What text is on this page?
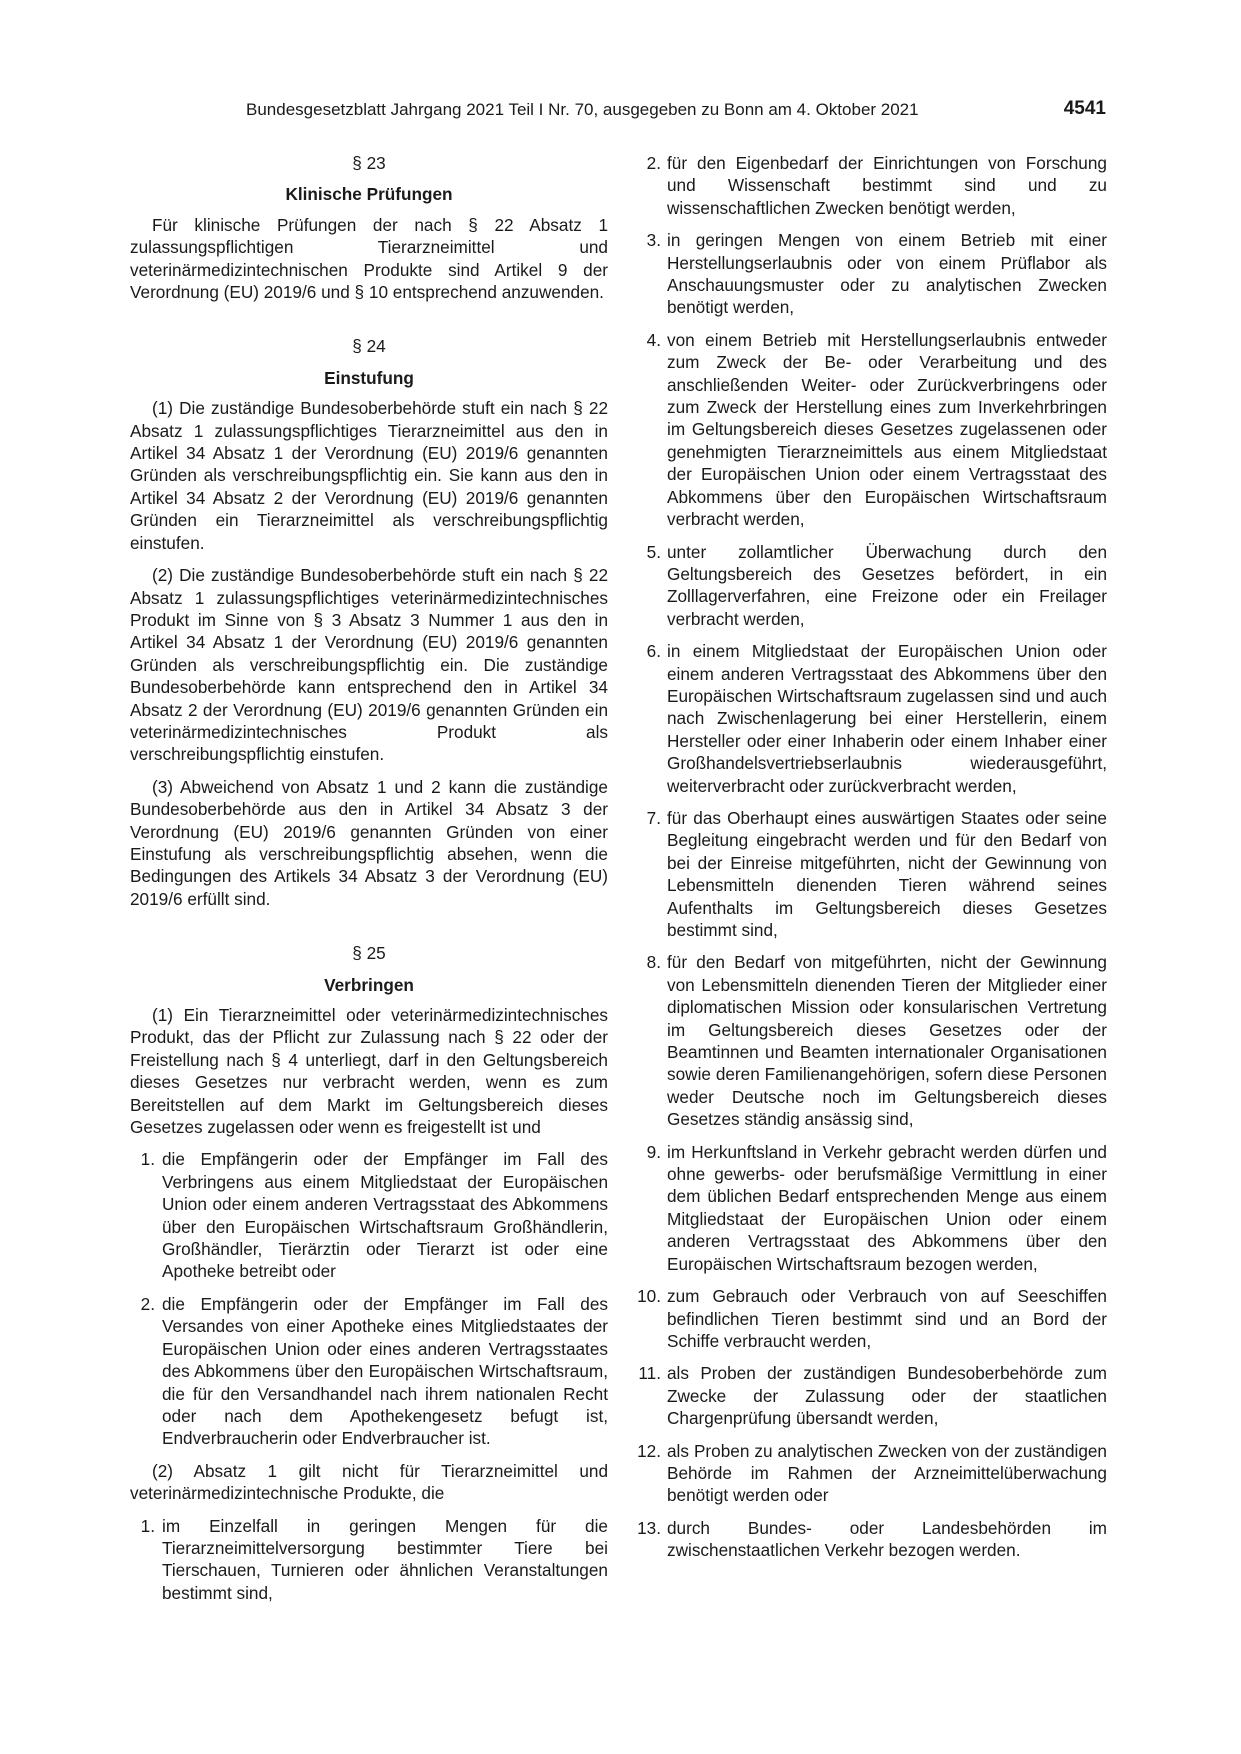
Bundesgesetzblatt Jahrgang 2021 Teil I Nr. 70, ausgegeben zu Bonn am 4. Oktober 2021	4541
§ 23
Klinische Prüfungen

Für klinische Prüfungen der nach § 22 Absatz 1 zulassungspflichtigen Tierarzneimittel und veterinärmedizintechnischen Produkte sind Artikel 9 der Verordnung (EU) 2019/6 und § 10 entsprechend anzuwenden.

§ 24
Einstufung

(1) Die zuständige Bundesoberbehörde stuft ein nach § 22 Absatz 1 zulassungspflichtiges Tierarzneimittel aus den in Artikel 34 Absatz 1 der Verordnung (EU) 2019/6 genannten Gründen als verschreibungspflichtig ein. Sie kann aus den in Artikel 34 Absatz 2 der Verordnung (EU) 2019/6 genannten Gründen ein Tierarzneimittel als verschreibungspflichtig einstufen.

(2) Die zuständige Bundesoberbehörde stuft ein nach § 22 Absatz 1 zulassungspflichtiges veterinärmedizintechnisches Produkt im Sinne von § 3 Absatz 3 Nummer 1 aus den in Artikel 34 Absatz 1 der Verordnung (EU) 2019/6 genannten Gründen als verschreibungspflichtig ein. Die zuständige Bundesoberbehörde kann entsprechend den in Artikel 34 Absatz 2 der Verordnung (EU) 2019/6 genannten Gründen ein veterinärmedizintechnisches Produkt als verschreibungspflichtig einstufen.

(3) Abweichend von Absatz 1 und 2 kann die zuständige Bundesoberbehörde aus den in Artikel 34 Absatz 3 der Verordnung (EU) 2019/6 genannten Gründen von einer Einstufung als verschreibungspflichtig absehen, wenn die Bedingungen des Artikels 34 Absatz 3 der Verordnung (EU) 2019/6 erfüllt sind.

§ 25
Verbringen

(1) Ein Tierarzneimittel oder veterinärmedizintechnisches Produkt, das der Pflicht zur Zulassung nach § 22 oder der Freistellung nach § 4 unterliegt, darf in den Geltungsbereich dieses Gesetzes nur verbracht werden, wenn es zum Bereitstellen auf dem Markt im Geltungsbereich dieses Gesetzes zugelassen oder wenn es freigestellt ist und

1. die Empfängerin oder der Empfänger im Fall des Verbringens aus einem Mitgliedstaat der Europäischen Union oder einem anderen Vertragsstaat des Abkommens über den Europäischen Wirtschaftsraum Großhändlerin, Großhändler, Tierärztin oder Tierarzt ist oder eine Apotheke betreibt oder
2. die Empfängerin oder der Empfänger im Fall des Versandes von einer Apotheke eines Mitgliedstaates der Europäischen Union oder eines anderen Vertragsstaates des Abkommens über den Europäischen Wirtschaftsraum, die für den Versandhandel nach ihrem nationalen Recht oder nach dem Apothekengesetz befugt ist, Endverbraucherin oder Endverbraucher ist.

(2) Absatz 1 gilt nicht für Tierarzneimittel und veterinärmedizintechnische Produkte, die

1. im Einzelfall in geringen Mengen für die Tierarzneimittelversorgung bestimmter Tiere bei Tierschauen, Turnieren oder ähnlichen Veranstaltungen bestimmt sind,
2. für den Eigenbedarf der Einrichtungen von Forschung und Wissenschaft bestimmt sind und zu wissenschaftlichen Zwecken benötigt werden,
3. in geringen Mengen von einem Betrieb mit einer Herstellungserlaubnis oder von einem Prüflabor als Anschauungsmuster oder zu analytischen Zwecken benötigt werden,
4. von einem Betrieb mit Herstellungserlaubnis entweder zum Zweck der Be- oder Verarbeitung und des anschließenden Weiter- oder Zurückverbringens oder zum Zweck der Herstellung eines zum Inverkehrbringen im Geltungsbereich dieses Gesetzes zugelassenen oder genehmigten Tierarzneimittels aus einem Mitgliedstaat der Europäischen Union oder einem Vertragsstaat des Abkommens über den Europäischen Wirtschaftsraum verbracht werden,
5. unter zollamtlicher Überwachung durch den Geltungsbereich des Gesetzes befördert, in ein Zolllagerverfahren, eine Freizone oder ein Freilager verbracht werden,
6. in einem Mitgliedstaat der Europäischen Union oder einem anderen Vertragsstaat des Abkommens über den Europäischen Wirtschaftsraum zugelassen sind und auch nach Zwischenlagerung bei einer Herstellerin, einem Hersteller oder einer Inhaberin oder einem Inhaber einer Großhandelsvertriebserlaubnis wiederausgeführt, weiterverbracht oder zurückverbracht werden,
7. für das Oberhaupt eines auswärtigen Staates oder seine Begleitung eingebracht werden und für den Bedarf von bei der Einreise mitgeführten, nicht der Gewinnung von Lebensmitteln dienenden Tieren während seines Aufenthalts im Geltungsbereich dieses Gesetzes bestimmt sind,
8. für den Bedarf von mitgeführten, nicht der Gewinnung von Lebensmitteln dienenden Tieren der Mitglieder einer diplomatischen Mission oder konsularischen Vertretung im Geltungsbereich dieses Gesetzes oder der Beamtinnen und Beamten internationaler Organisationen sowie deren Familienangehörigen, sofern diese Personen weder Deutsche noch im Geltungsbereich dieses Gesetzes ständig ansässig sind,
9. im Herkunftsland in Verkehr gebracht werden dürfen und ohne gewerbs- oder berufsmäßige Vermittlung in einer dem üblichen Bedarf entsprechenden Menge aus einem Mitgliedstaat der Europäischen Union oder einem anderen Vertragsstaat des Abkommens über den Europäischen Wirtschaftsraum bezogen werden,
10. zum Gebrauch oder Verbrauch von auf Seeschiffen befindlichen Tieren bestimmt sind und an Bord der Schiffe verbraucht werden,
11. als Proben der zuständigen Bundesoberbehörde zum Zwecke der Zulassung oder der staatlichen Chargenprüfung übersandt werden,
12. als Proben zu analytischen Zwecken von der zuständigen Behörde im Rahmen der Arzneimittelüberwachung benötigt werden oder
13. durch Bundes- oder Landesbehörden im zwischenstaatlichen Verkehr bezogen werden.
